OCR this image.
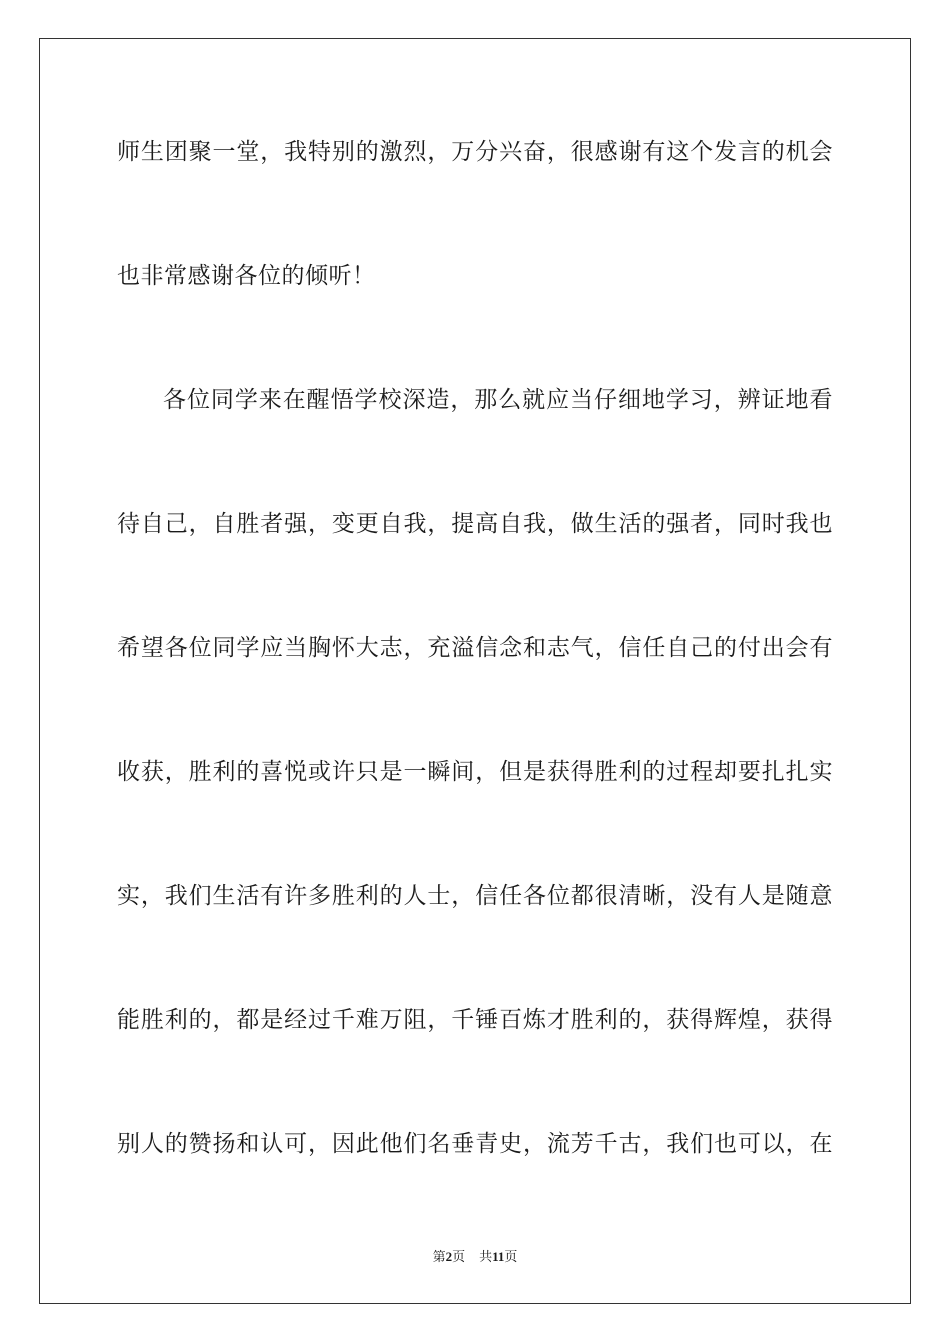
师生团聚一堂，我特别的激烈，万分兴奋，很感谢有这个发言的机会
也非常感谢各位的倾听！
各位同学来在醒悟学校深造，那么就应当仔细地学习，辨证地看
待自己，自胜者强，变更自我，提高自我，做生活的强者，同时我也
希望各位同学应当胸怀大志，充溢信念和志气，信任自己的付出会有
收获，胜利的喜悦或许只是一瞬间，但是获得胜利的过程却要扎扎实
实，我们生活有许多胜利的人士，信任各位都很清晰，没有人是随意
能胜利的，都是经过千难万阻，千锤百炼才胜利的，获得辉煌，获得
别人的赞扬和认可，因此他们名垂青史，流芳千古，我们也可以，在
第2页 共11页
